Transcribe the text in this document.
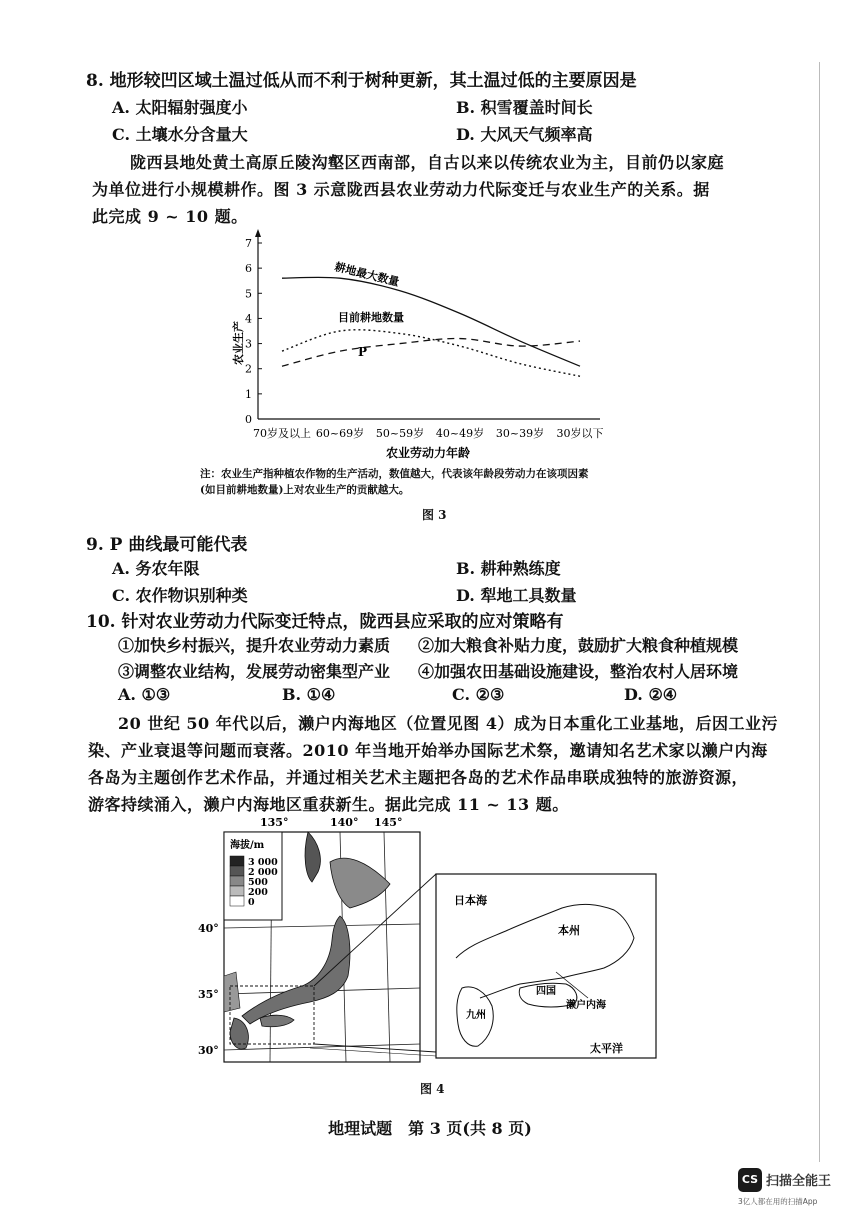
8. 地形较凹区域土温过低从而不利于树种更新，其土温过低的主要原因是
A. 太阳辐射强度小	B. 积雪覆盖时间长
C. 土壤水分含量大	D. 大风天气频率高

陇西县地处黄土高原丘陵沟壑区西南部，自古以来以传统农业为主，目前仍以家庭

为单位进行小规模耕作。图 3 示意陇西县农业劳动力代际变迁与农业生产的关系。据

此完成 9 ~ 10 题。

0
1
2
3
4
5
6
7
70岁及以上 60~69岁 50~59岁 40~49岁 30~39岁 30岁以下
农业生产
农业劳动力年龄
耕地最大数量
目前耕地数量
P
注：农业生产指种植农作物的生产活动，数值越大，代表该年龄段劳动力在该项因素
(如目前耕地数量)上对农业生产的贡献越大。
图 3
9. P 曲线最可能代表
A. 务农年限	B. 耕种熟练度
C. 农作物识别种类	D. 犁地工具数量
10. 针对农业劳动力代际变迁特点，陇西县应采取的应对策略有
①加快乡村振兴，提升农业劳动力素质 ②加大粮食补贴力度，鼓励扩大粮食种植规模
③调整农业结构，发展劳动密集型产业 ④加强农田基础设施建设，整治农村人居环境
A. ①③	B. ①④	C. ②③	D. ②④

20 世纪 50 年代以后，濑户内海地区（位置见图 4）成为日本重化工业基地，后因工业污

染、产业衰退等问题而衰落。2010 年当地开始举办国际艺术祭，邀请知名艺术家以濑户内海

各岛为主题创作艺术作品，并通过相关艺术主题把各岛的艺术作品串联成独特的旅游资源，

游客持续涌入，濑户内海地区重获新生。据此完成 11 ~ 13 题。

135°	140° 145°
40°
35°
30°
海拔/m
3 000
2 000
500
200
0	日本海
本州
四国
濑户内海
九州
太平洋
图 4
地理试题　第 3 页(共 8 页)
CS 扫描全能王
3亿人都在用的扫描App
